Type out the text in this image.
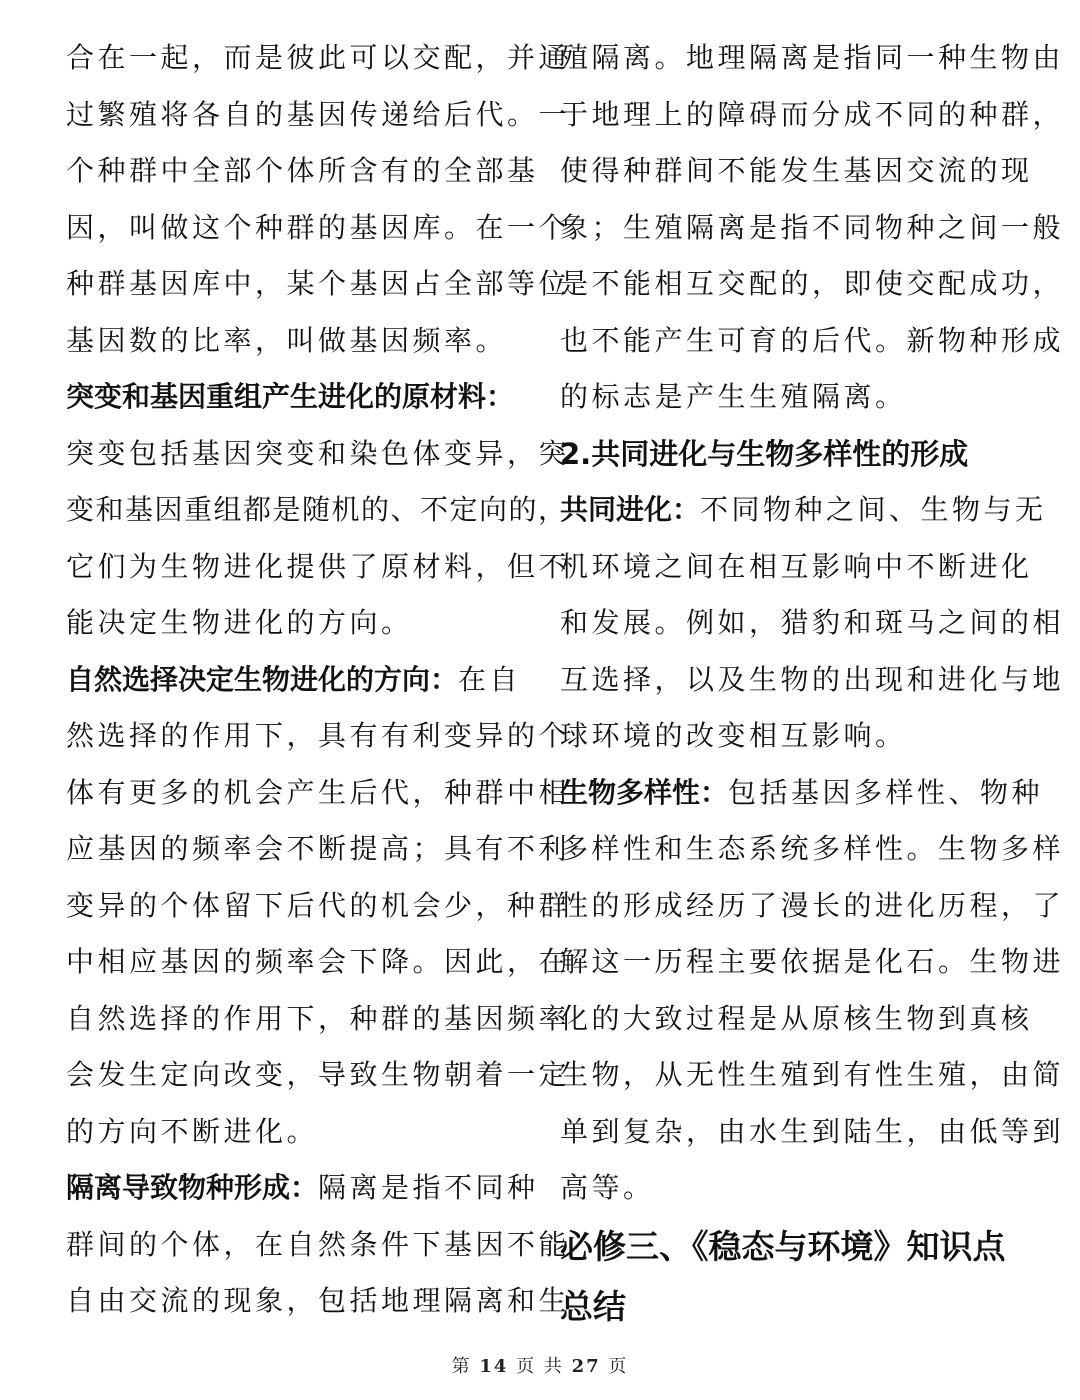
合在一起，而是彼此可以交配，并通
过繁殖将各自的基因传递给后代。一
个种群中全部个体所含有的全部基
因，叫做这个种群的基因库。在一个
种群基因库中，某个基因占全部等位
基因数的比率，叫做基因频率。
突变和基因重组产生进化的原材料：
突变包括基因突变和染色体变异，突
变和基因重组都是随机的、不定向的，
它们为生物进化提供了原材料，但不
能决定生物进化的方向。
自然选择决定生物进化的方向：在自
然选择的作用下，具有有利变异的个
体有更多的机会产生后代，种群中相
应基因的频率会不断提高；具有不利
变异的个体留下后代的机会少，种群
中相应基因的频率会下降。因此，在
自然选择的作用下，种群的基因频率
会发生定向改变，导致生物朝着一定
的方向不断进化。
隔离导致物种形成：隔离是指不同种
群间的个体，在自然条件下基因不能
自由交流的现象，包括地理隔离和生
殖隔离。地理隔离是指同一种生物由
于地理上的障碍而分成不同的种群，
使得种群间不能发生基因交流的现
象；生殖隔离是指不同物种之间一般
是不能相互交配的，即使交配成功，
也不能产生可育的后代。新物种形成
的标志是产生生殖隔离。
2.共同进化与生物多样性的形成
共同进化：不同物种之间、生物与无
机环境之间在相互影响中不断进化
和发展。例如，猎豹和斑马之间的相
互选择，以及生物的出现和进化与地
球环境的改变相互影响。
生物多样性：包括基因多样性、物种
多样性和生态系统多样性。生物多样
性的形成经历了漫长的进化历程，了
解这一历程主要依据是化石。生物进
化的大致过程是从原核生物到真核
生物，从无性生殖到有性生殖，由简
单到复杂，由水生到陆生，由低等到
高等。
必修三、《稳态与环境》知识点
总结
第 14 页 共 27 页
